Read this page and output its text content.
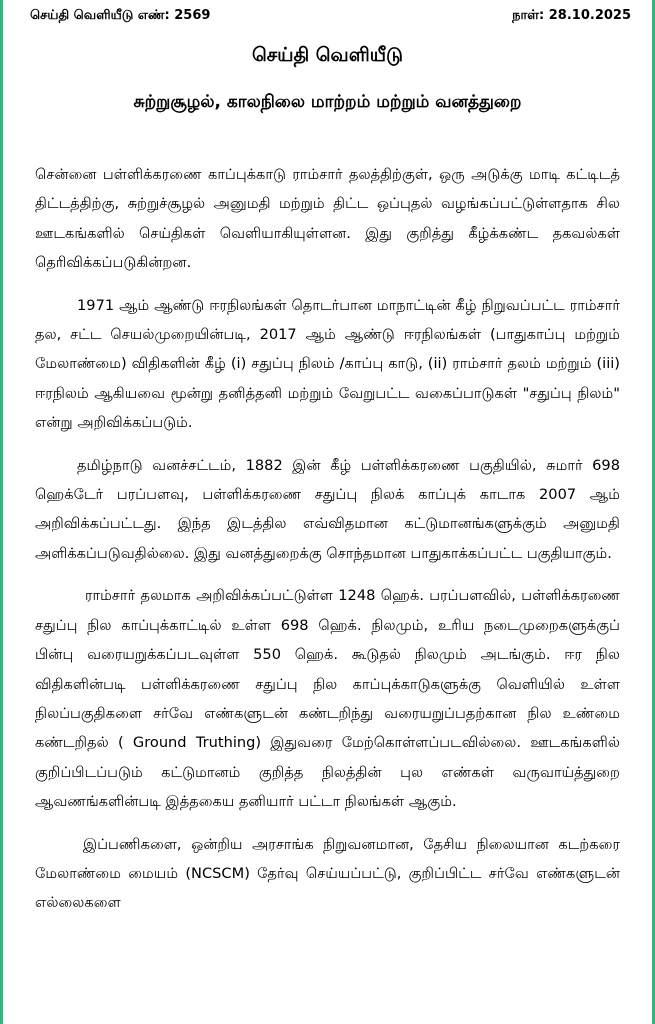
செய்தி வெளியீடு எண்: 2569	நாள்: 28.10.2025
செய்தி வெளியீடு
சுற்றுசூழல், காலநிலை மாற்றம் மற்றும் வனத்துறை

சென்னை பள்ளிக்கரணை காப்புக்காடு ராம்சார் தலத்திற்குள், ஒரு அடுக்கு மாடி கட்டிடத் திட்டத்திற்கு, சுற்றுச்சூழல் அனுமதி மற்றும் திட்ட ஒப்புதல் வழங்கப்பட்டுள்ளதாக சில ஊடகங்களில் செய்திகள் வெளியாகியுள்ளன. இது குறித்து கீழ்க்கண்ட தகவல்கள் தெரிவிக்கப்படுகின்றன.

1971 ஆம் ஆண்டு ஈரநிலங்கள் தொடர்பான மாநாட்டின் கீழ் நிறுவப்பட்ட ராம்சார் தல, சட்ட செயல்முறையின்படி, 2017 ஆம் ஆண்டு ஈரநிலங்கள் (பாதுகாப்பு மற்றும் மேலாண்மை) விதிகளின் கீழ் (i) சதுப்பு நிலம் /காப்பு காடு, (ii) ராம்சார் தலம் மற்றும் (iii) ஈரநிலம் ஆகியவை மூன்று தனித்தனி மற்றும் வேறுபட்ட வகைப்பாடுகள் "சதுப்பு நிலம்" என்று அறிவிக்கப்படும்.

தமிழ்நாடு வனச்சட்டம், 1882 இன் கீழ் பள்ளிக்கரணை பகுதியில், சுமார் 698 ஹெக்டேர் பரப்பளவு, பள்ளிக்கரணை சதுப்பு நிலக் காப்புக் காடாக 2007 ஆம் அறிவிக்கப்பட்டது. இந்த இடத்தில எவ்விதமான கட்டுமானங்களுக்கும் அனுமதி அளிக்கப்படுவதில்லை. இது வனத்துறைக்கு சொந்தமான பாதுகாக்கப்பட்ட பகுதியாகும்.

ராம்சார் தலமாக அறிவிக்கப்பட்டுள்ள 1248 ஹெக். பரப்பளவில், பள்ளிக்கரணை சதுப்பு நில காப்புக்காட்டில் உள்ள 698 ஹெக். நிலமும், உரிய நடைமுறைகளுக்குப் பின்பு வரையறுக்கப்படவுள்ள 550 ஹெக். கூடுதல் நிலமும் அடங்கும். ஈர நில விதிகளின்படி பள்ளிக்கரணை சதுப்பு நில காப்புக்காடுகளுக்கு வெளியில் உள்ள நிலப்பகுதிகளை சர்வே எண்களுடன் கண்டறிந்து வரையறுப்பதற்கான நில உண்மை கண்டறிதல் ( Ground Truthing) இதுவரை மேற்கொள்ளப்படவில்லை. ஊடகங்களில் குறிப்பிடப்படும் கட்டுமானம் குறித்த நிலத்தின் புல எண்கள் வருவாய்த்துறை ஆவணங்களின்படி இத்தகைய தனியார் பட்டா நிலங்கள் ஆகும்.

இப்பணிகளை, ஒன்றிய அரசாங்க நிறுவனமான, தேசிய நிலையான கடற்கரை மேலாண்மை மையம் (NCSCM) தேர்வு செய்யப்பட்டு, குறிப்பிட்ட சர்வே எண்களுடன் எல்லைகளை
